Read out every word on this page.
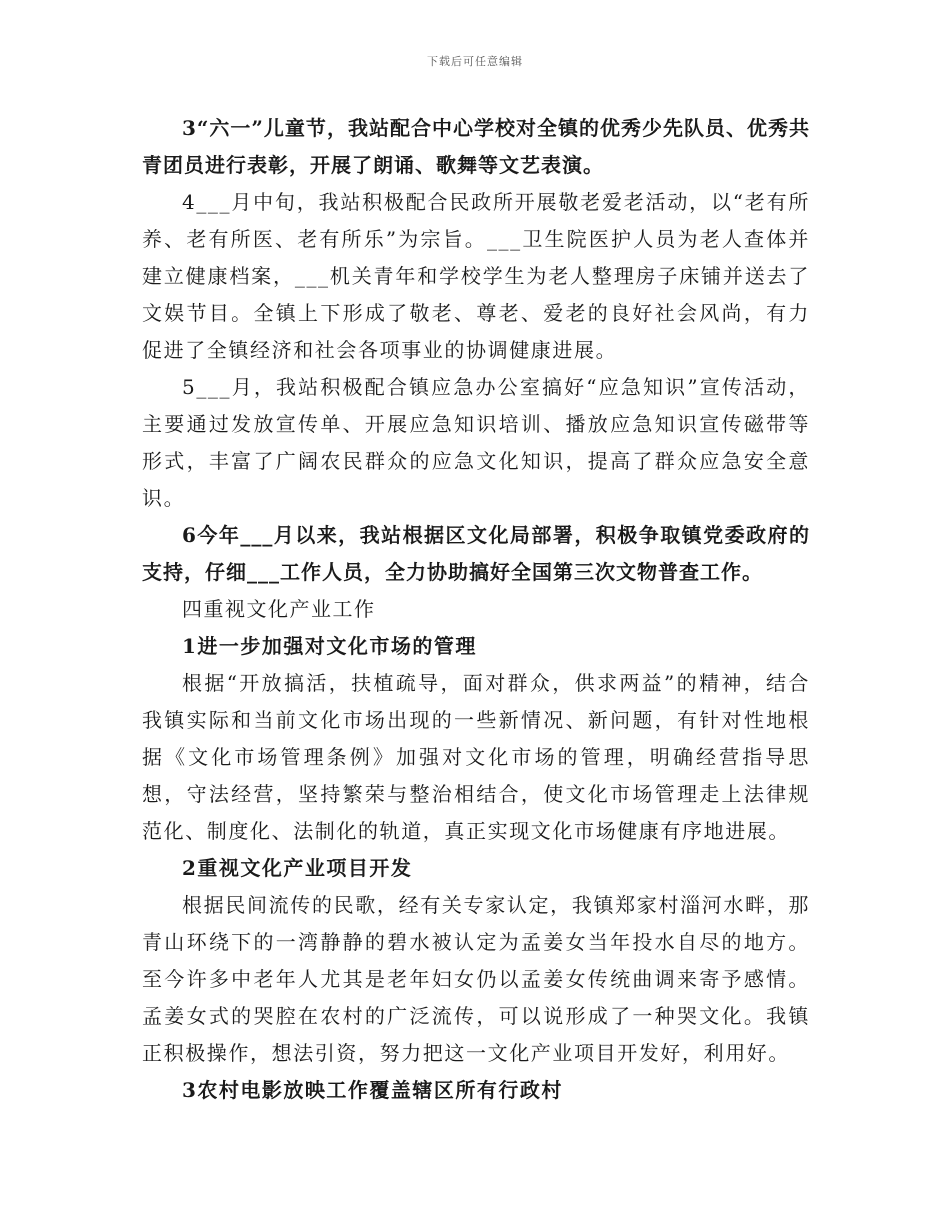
下载后可任意编辑

3“六一”儿童节，我站配合中心学校对全镇的优秀少先队员、优秀共青团员进行表彰，开展了朗诵、歌舞等文艺表演。

4___月中旬，我站积极配合民政所开展敬老爱老活动，以“老有所养、老有所医、老有所乐”为宗旨。___卫生院医护人员为老人查体并建立健康档案，___机关青年和学校学生为老人整理房子床铺并送去了文娱节目。全镇上下形成了敬老、尊老、爱老的良好社会风尚，有力促进了全镇经济和社会各项事业的协调健康进展。

5___月，我站积极配合镇应急办公室搞好“应急知识”宣传活动，主要通过发放宣传单、开展应急知识培训、播放应急知识宣传磁带等形式，丰富了广阔农民群众的应急文化知识，提高了群众应急安全意识。

6今年___月以来，我站根据区文化局部署，积极争取镇党委政府的支持，仔细___工作人员，全力协助搞好全国第三次文物普查工作。

四重视文化产业工作

1进一步加强对文化市场的管理

根据“开放搞活，扶植疏导，面对群众，供求两益”的精神，结合我镇实际和当前文化市场出现的一些新情况、新问题，有针对性地根据《文化市场管理条例》加强对文化市场的管理，明确经营指导思想，守法经营，坚持繁荣与整治相结合，使文化市场管理走上法律规范化、制度化、法制化的轨道，真正实现文化市场健康有序地进展。

2重视文化产业项目开发

根据民间流传的民歌，经有关专家认定，我镇郑家村淄河水畔，那青山环绕下的一湾静静的碧水被认定为孟姜女当年投水自尽的地方。至今许多中老年人尤其是老年妇女仍以孟姜女传统曲调来寄予感情。孟姜女式的哭腔在农村的广泛流传，可以说形成了一种哭文化。我镇正积极操作，想法引资，努力把这一文化产业项目开发好，利用好。

3农村电影放映工作覆盖辖区所有行政村
